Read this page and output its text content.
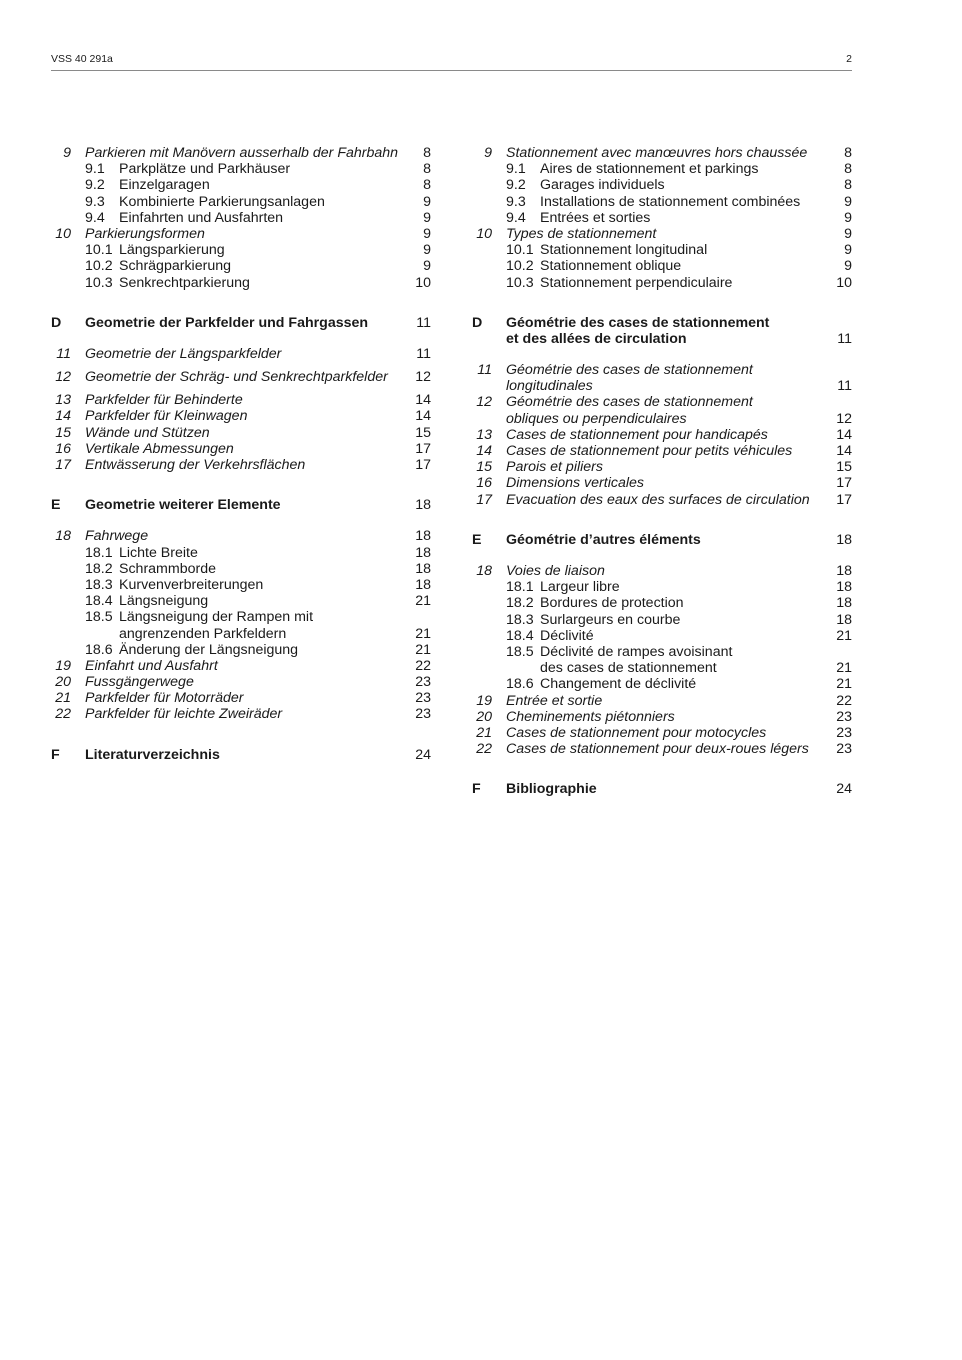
VSS 40 291a	2
9 Parkieren mit Manövern ausserhalb der Fahrbahn	8
9.1 Parkplätze und Parkhäuser	8
9.2 Einzelgaragen	8
9.3 Kombinierte Parkierungsanlagen	9
9.4 Einfahrten und Ausfahrten	9
10 Parkierungsformen	9
10.1 Längsparkierung	9
10.2 Schrägparkierung	9
10.3 Senkrechtparkierung	10
D	Geometrie der Parkfelder und Fahrgassen	11
11 Geometrie der Längsparkfelder	11
12 Geometrie der Schräg- und Senkrechtparkfelder	12
13 Parkfelder für Behinderte	14
14 Parkfelder für Kleinwagen	14
15 Wände und Stützen	15
16 Vertikale Abmessungen	17
17 Entwässerung der Verkehrsflächen	17
E	Geometrie weiterer Elemente	18
18 Fahrwege	18
18.1 Lichte Breite	18
18.2 Schrammborde	18
18.3 Kurvenverbreiterungen	18
18.4 Längsneigung	21
18.5 Längsneigung der Rampen mit
angrenzenden Parkfeldern	21
18.6 Änderung der Längsneigung	21
19 Einfahrt und Ausfahrt	22
20 Fussgängerwege	23
21 Parkfelder für Motorräder	23
22 Parkfelder für leichte Zweiräder	23
F	Literaturverzeichnis	24
9 Stationnement avec manœuvres hors chaussée	8
9.1 Aires de stationnement et parkings	8
9.2 Garages individuels	8
9.3 Installations de stationnement combinées	9
9.4 Entrées et sorties	9
10 Types de stationnement	9
10.1 Stationnement longitudinal	9
10.2 Stationnement oblique	9
10.3 Stationnement perpendiculaire	10
D	Géométrie des cases de stationnement
et des allées de circulation	11
11 Géométrie des cases de stationnement
longitudinales	11
12 Géométrie des cases de stationnement
obliques ou perpendiculaires	12
13 Cases de stationnement pour handicapés	14
14 Cases de stationnement pour petits véhicules	14
15 Parois et piliers	15
16 Dimensions verticales	17
17 Evacuation des eaux des surfaces de circulation	17
E	Géométrie d’autres éléments	18
18 Voies de liaison	18
18.1 Largeur libre	18
18.2 Bordures de protection	18
18.3 Surlargeurs en courbe	18
18.4 Déclivité	21
18.5 Déclivité de rampes avoisinant
des cases de stationnement	21
18.6 Changement de déclivité	21
19 Entrée et sortie	22
20 Cheminements piétonniers	23
21 Cases de stationnement pour motocycles	23
22 Cases de stationnement pour deux-roues légers	23
F	Bibliographie	24
